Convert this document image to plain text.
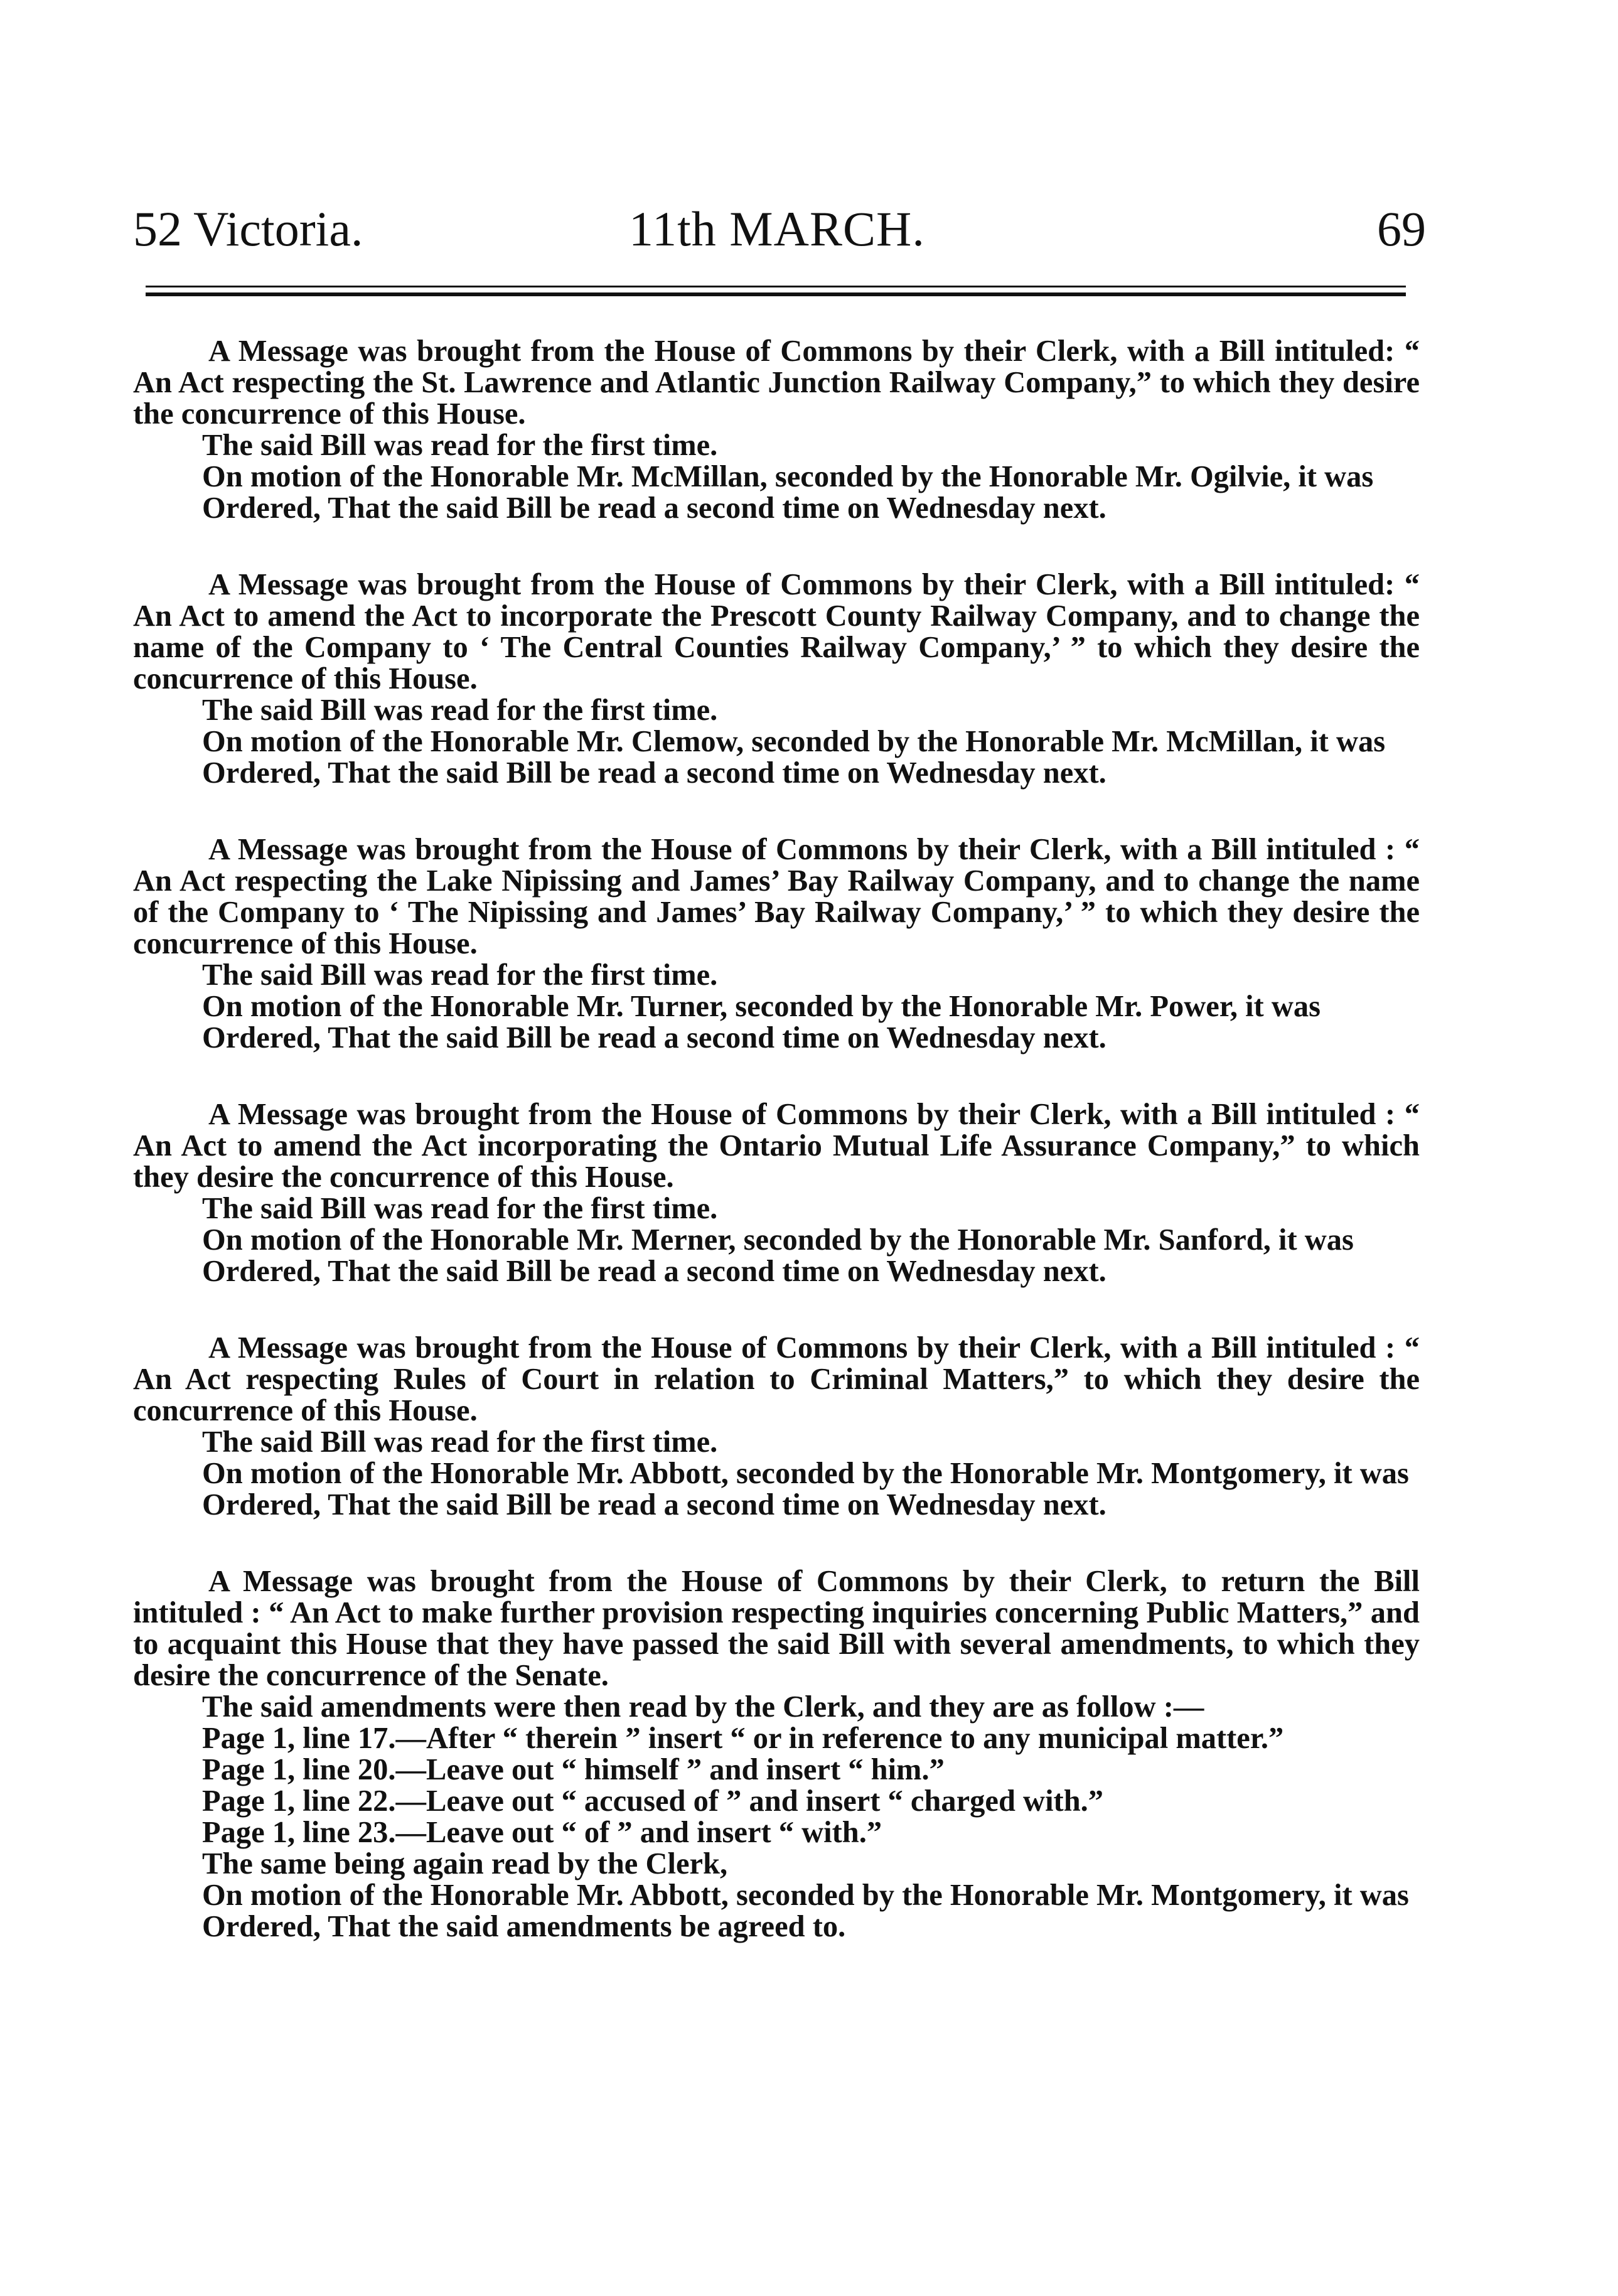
52 Victoria.	11th MARCH.	69

A Message was brought from the House of Commons by their Clerk, with a Bill intituled: “ An Act respecting the St. Lawrence and Atlantic Junction Railway Company,” to which they desire the concurrence of this House.

The said Bill was read for the first time.

On motion of the Honorable Mr. McMillan, seconded by the Honorable Mr. Ogilvie, it was

Ordered, That the said Bill be read a second time on Wednesday next.

A Message was brought from the House of Commons by their Clerk, with a Bill intituled: “ An Act to amend the Act to incorporate the Prescott County Railway Company, and to change the name of the Company to ‘ The Central Counties Railway Company,’ ” to which they desire the concurrence of this House.

The said Bill was read for the first time.

On motion of the Honorable Mr. Clemow, seconded by the Honorable Mr. McMillan, it was

Ordered, That the said Bill be read a second time on Wednesday next.

A Message was brought from the House of Commons by their Clerk, with a Bill intituled : “ An Act respecting the Lake Nipissing and James’ Bay Railway Company, and to change the name of the Company to ‘ The Nipissing and James’ Bay Railway Company,’ ” to which they desire the concurrence of this House.

The said Bill was read for the first time.

On motion of the Honorable Mr. Turner, seconded by the Honorable Mr. Power, it was

Ordered, That the said Bill be read a second time on Wednesday next.

A Message was brought from the House of Commons by their Clerk, with a Bill intituled : “ An Act to amend the Act incorporating the Ontario Mutual Life Assurance Company,” to which they desire the concurrence of this House.

The said Bill was read for the first time.

On motion of the Honorable Mr. Merner, seconded by the Honorable Mr. Sanford, it was

Ordered, That the said Bill be read a second time on Wednesday next.

A Message was brought from the House of Commons by their Clerk, with a Bill intituled : “ An Act respecting Rules of Court in relation to Criminal Matters,” to which they desire the concurrence of this House.

The said Bill was read for the first time.

On motion of the Honorable Mr. Abbott, seconded by the Honorable Mr. Montgomery, it was

Ordered, That the said Bill be read a second time on Wednesday next.

A Message was brought from the House of Commons by their Clerk, to return the Bill intituled : “ An Act to make further provision respecting inquiries concerning Public Matters,” and to acquaint this House that they have passed the said Bill with several amendments, to which they desire the concurrence of the Senate.

The said amendments were then read by the Clerk, and they are as follow :—

Page 1, line 17.—After “ therein ” insert “ or in reference to any municipal matter.”

Page 1, line 20.—Leave out “ himself ” and insert “ him.”

Page 1, line 22.—Leave out “ accused of ” and insert “ charged with.”

Page 1, line 23.—Leave out “ of ” and insert “ with.”

The same being again read by the Clerk,

On motion of the Honorable Mr. Abbott, seconded by the Honorable Mr. Montgomery, it was

Ordered, That the said amendments be agreed to.
